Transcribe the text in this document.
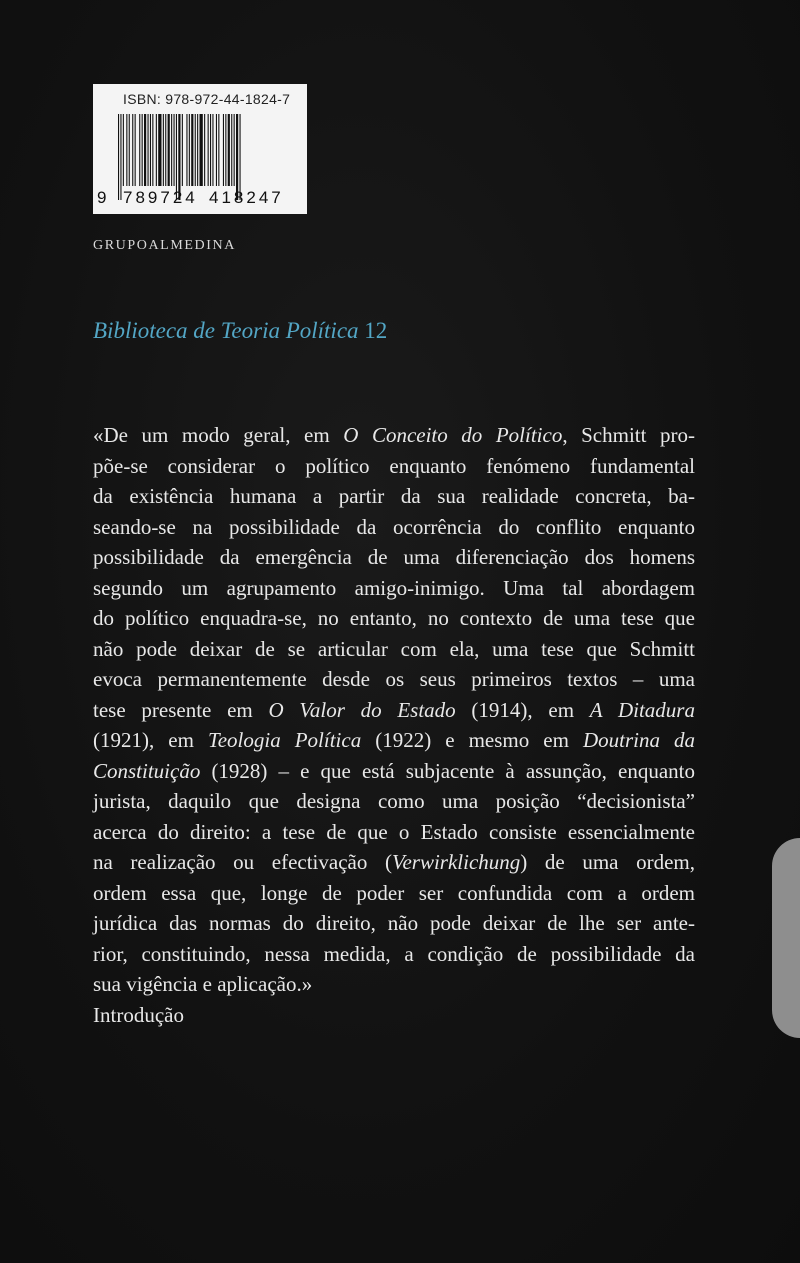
ISBN: 978-972-44-1824-7
9 789724 418247
GRUPOALMEDINA
Biblioteca de Teoria Política 12
«De um modo geral, em O Conceito do Político, Schmitt pro-
põe-se considerar o político enquanto fenómeno fundamental
da existência humana a partir da sua realidade concreta, ba-
seando-se na possibilidade da ocorrência do conflito enquanto
possibilidade da emergência de uma diferenciação dos homens
segundo um agrupamento amigo-inimigo. Uma tal abordagem
do político enquadra-se, no entanto, no contexto de uma tese que
não pode deixar de se articular com ela, uma tese que Schmitt
evoca permanentemente desde os seus primeiros textos – uma
tese presente em O Valor do Estado (1914), em A Ditadura
(1921), em Teologia Política (1922) e mesmo em Doutrina da
Constituição (1928) – e que está subjacente à assunção, enquanto
jurista, daquilo que designa como uma posição “decisionista”
acerca do direito: a tese de que o Estado consiste essencialmente
na realização ou efectivação (Verwirklichung) de uma ordem,
ordem essa que, longe de poder ser confundida com a ordem
jurídica das normas do direito, não pode deixar de lhe ser ante-
rior, constituindo, nessa medida, a condição de possibilidade da
sua vigência e aplicação.»
Introdução
